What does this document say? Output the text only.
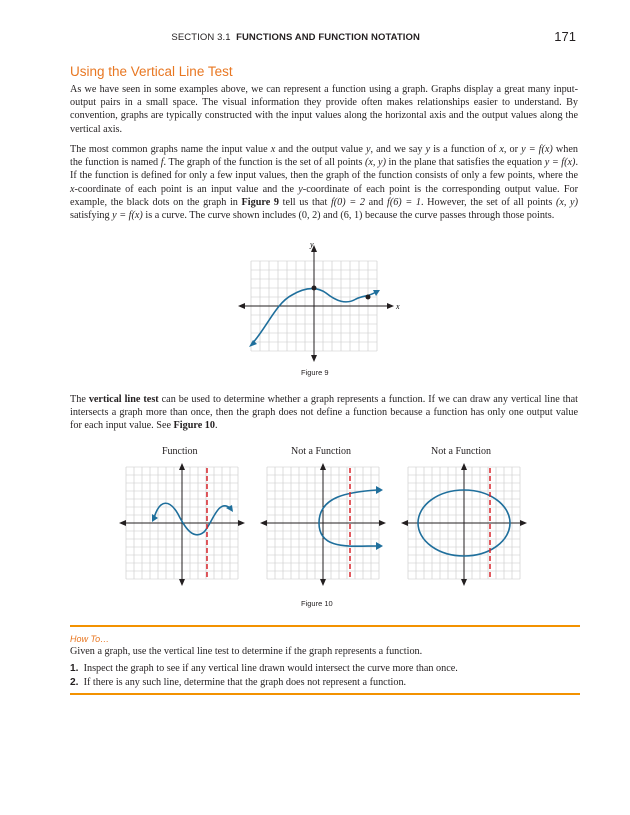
SECTION 3.1 FUNCTIONS AND FUNCTION NOTATION	171
Using the Vertical Line Test
As we have seen in some examples above, we can represent a function using a graph. Graphs display a great many input-output pairs in a small space. The visual information they provide often makes relationships easier to understand. By convention, graphs are typically constructed with the input values along the horizontal axis and the output values along the vertical axis.
The most common graphs name the input value x and the output value y, and we say y is a function of x, or y = f(x) when the function is named f. The graph of the function is the set of all points (x, y) in the plane that satisfies the equation y = f(x). If the function is defined for only a few input values, then the graph of the function consists of only a few points, where the x-coordinate of each point is an input value and the y-coordinate of each point is the corresponding output value. For example, the black dots on the graph in Figure 9 tell us that f(0) = 2 and f(6) = 1. However, the set of all points (x, y) satisfying y = f(x) is a curve. The curve shown includes (0, 2) and (6, 1) because the curve passes through those points.
y
x
Figure 9
The vertical line test can be used to determine whether a graph represents a function. If we can draw any vertical line that intersects a graph more than once, then the graph does not define a function because a function has only one output value for each input value. See Figure 10.
Function	Not a Function	Not a Function
Figure 10
How To…
Given a graph, use the vertical line test to determine if the graph represents a function.
1. Inspect the graph to see if any vertical line drawn would intersect the curve more than once.
2. If there is any such line, determine that the graph does not represent a function.
